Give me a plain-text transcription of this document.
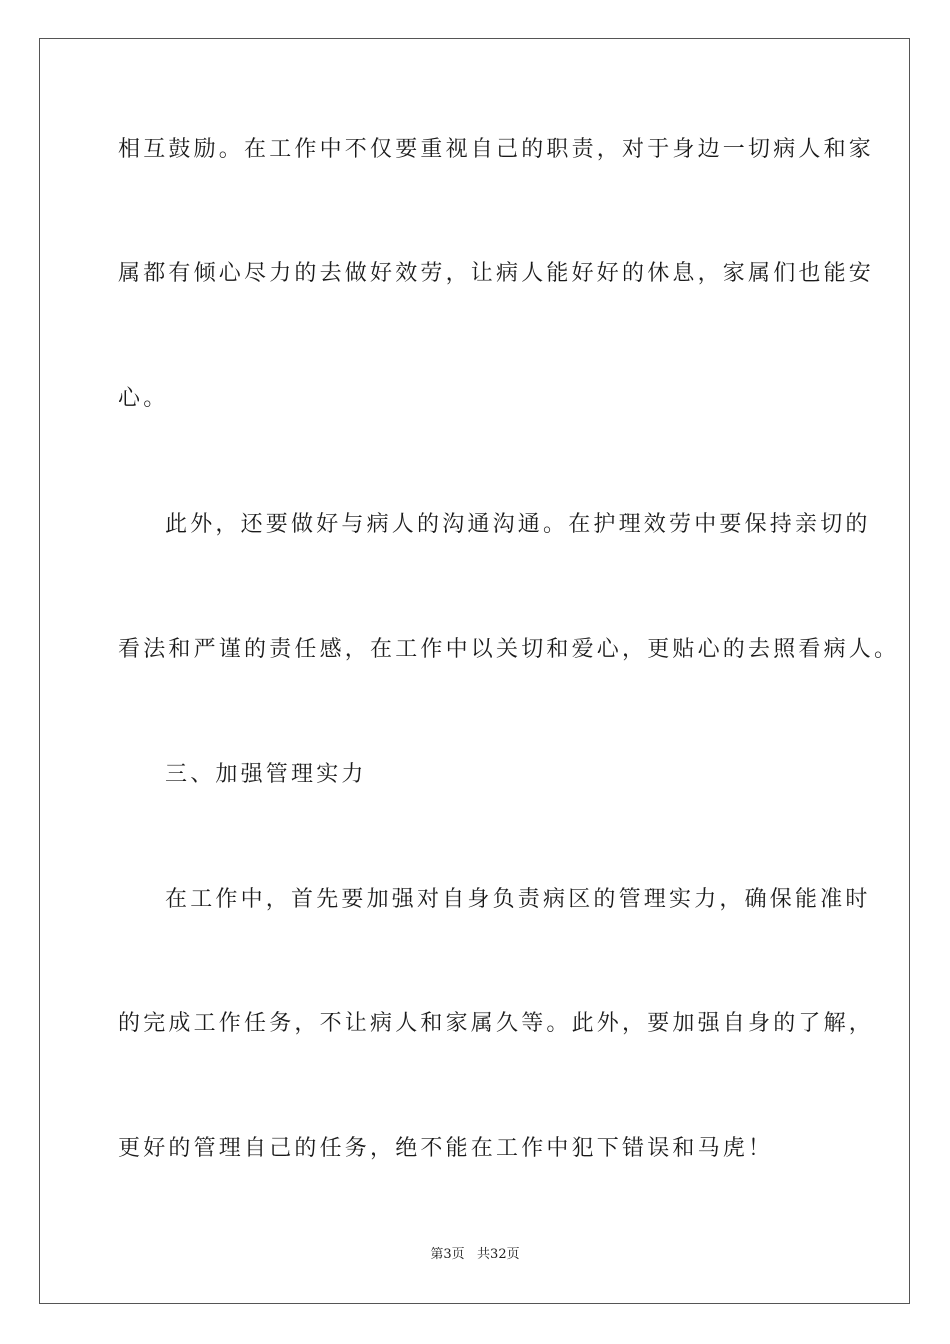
相互鼓励。在工作中不仅要重视自己的职责，对于身边一切病人和家
属都有倾心尽力的去做好效劳，让病人能好好的休息，家属们也能安
心。
此外，还要做好与病人的沟通沟通。在护理效劳中要保持亲切的
看法和严谨的责任感，在工作中以关切和爱心，更贴心的去照看病人。
三、加强管理实力
在工作中，首先要加强对自身负责病区的管理实力，确保能准时
的完成工作任务，不让病人和家属久等。此外，要加强自身的了解，
更好的管理自己的任务，绝不能在工作中犯下错误和马虎！
第3页   共32页
